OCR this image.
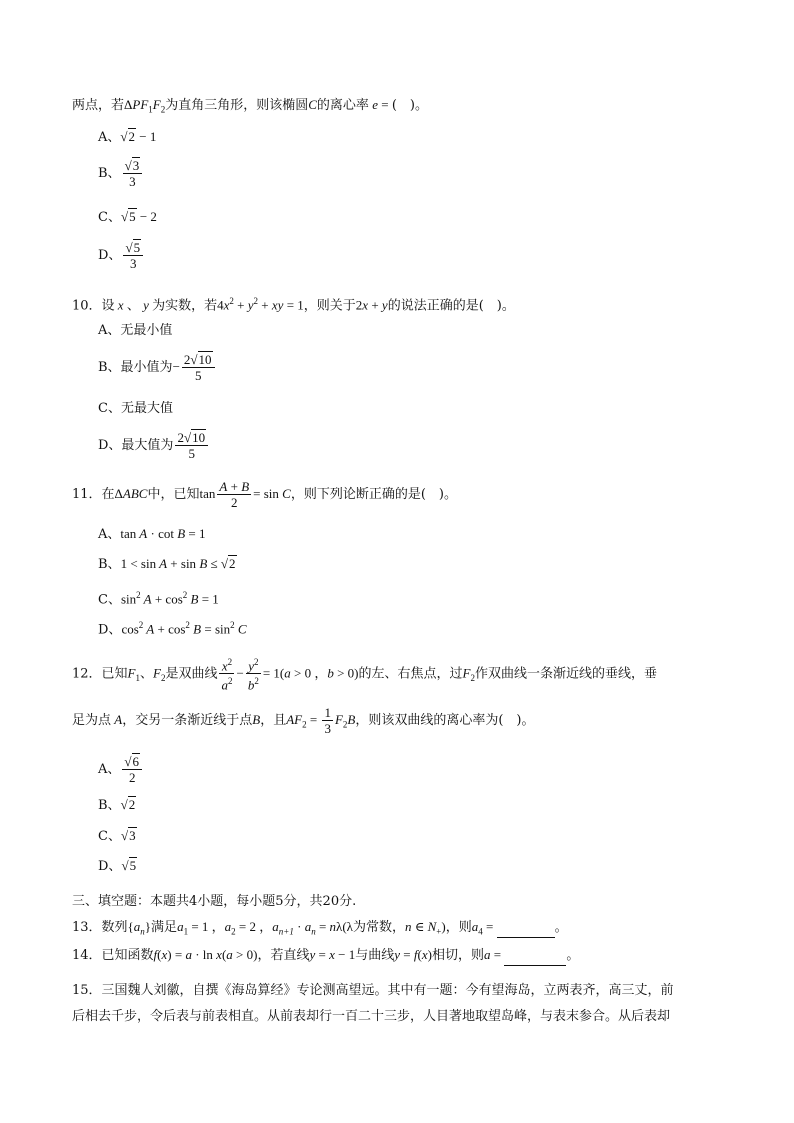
两点，若$\Delta PF_1F_2$为直角三角形，则该椭圆C的离心率 e = (　)。
A、√2 − 1
B、 $\frac{√3}{3}$
C、√5 − 2
D、 $\frac{√5}{3}$
10．设 x 、 y 为实数，若$4x^2 + y^2$ + xy = 1，则关于2x + y的说法正确的是(　)。
A、无最小值
B、最小值为− $\frac{2√10}{5}$
C、无最大值
D、最大值为 $\frac{2√10}{5}$
11．在ΔABC中，已知$\tan \frac{A + B}{2} = \sin C$，则下列论断正确的是(　)。
A、tan A · cot B = 1
B、1 < sin A + sin B ≤ √2
C、$\sin^2 A + \cos^2 B = 1$
D、$\cos^2 A + \cos^2 B = \sin^2 C$
12．已知$F_1$、$F_2$是双曲线 $\frac{x^2}{a^2} - \frac{y^2}{b^2} = 1(a > 0$ ，b > 0)的左、右焦点，过$F_2$作双曲线一条渐近线的垂线，垂
足为点 A，交另一条渐近线于点B，且$AF_2 = \frac{1}{3} F_2B$，则该双曲线的离心率为(　)。
A、 $\frac{√6}{2}$
B、√2
C、√3
D、√5
三、填空题：本题共4小题，每小题5分，共20分.
13．数列$\{a_n\}$满足$a_1 = 1$ ，$a_2 = 2$ ，$a_{n+1} \cdot a_n = n\lambda(\lambda$为常数，n ∈ $N_+$)，则$a_4$ =	。
14．已知函数f(x) = a · ln x(a > 0)，若直线y = x − 1与曲线y = f(x)相切，则a =	。
15．三国魏人刘徽，自撰《海岛算经》专论测高望远。其中有一题：今有望海岛，立两表齐，高三丈，前
后相去千步，令后表与前表相直。从前表却行一百二十三步，人目著地取望岛峰，与表末参合。从后表却
